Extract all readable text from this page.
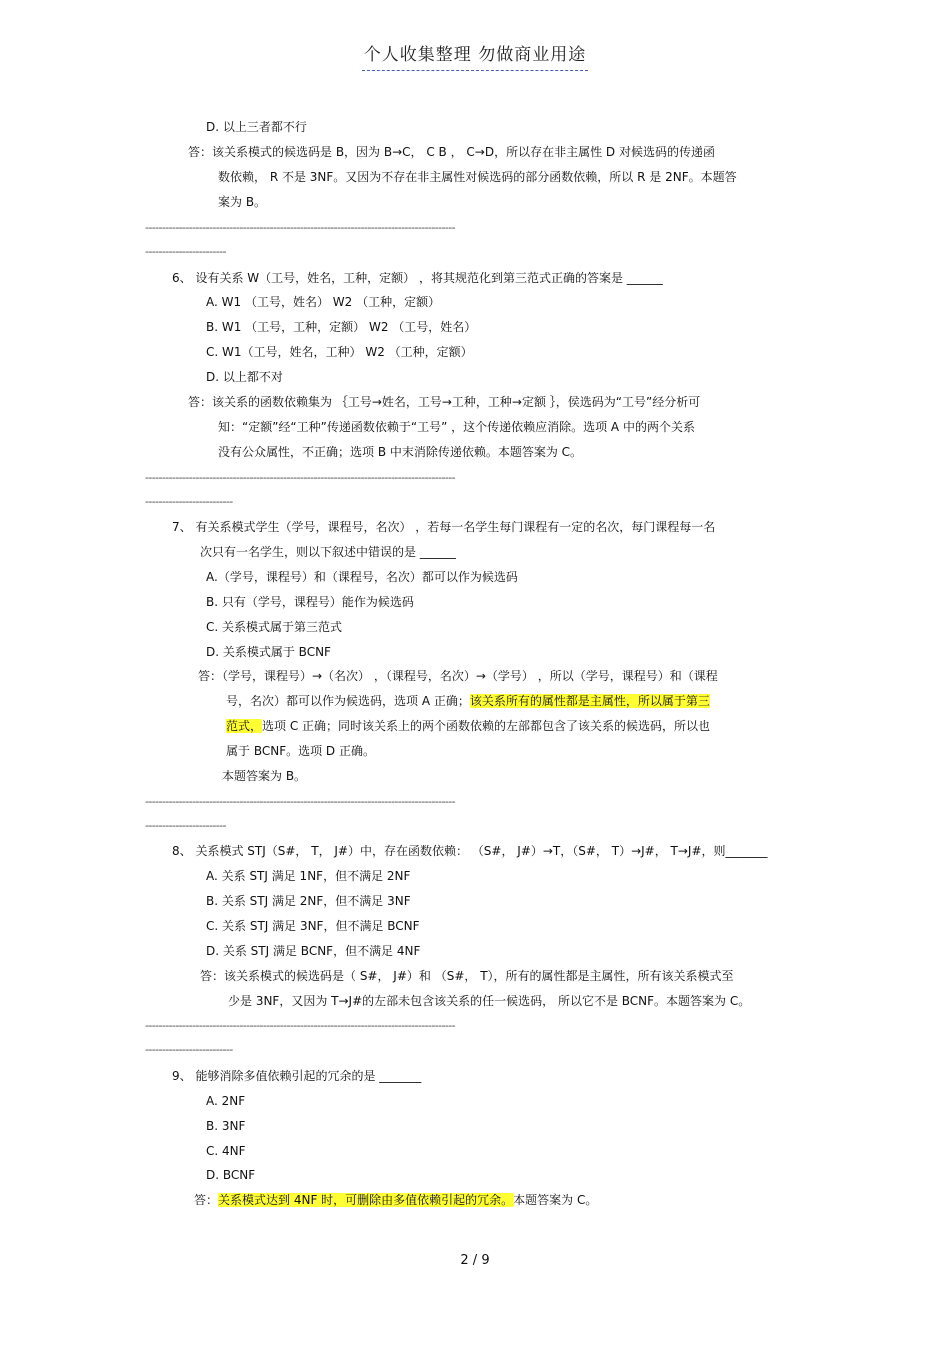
个人收集整理 勿做商业用途
D. 以上三者都不行
答：该关系模式的候选码是 B，因为 B→C， C B ， C→D，所以存在非主属性 D 对候选码的传递函
数依赖， R 不是 3NF。又因为不存在非主属性对候选码的部分函数依赖，所以 R 是 2NF。本题答
案为 B。
--------------------------------------------------------------------------------------------
------------------------
6、 设有关系 W（工号，姓名，工种，定额） ，将其规范化到第三范式正确的答案是 ______
A. W1 （工号，姓名） W2 （工种，定额）
B. W1 （工号，工种，定额） W2 （工号，姓名）
C. W1（工号，姓名，工种） W2 （工种，定额）
D. 以上都不对
答：该关系的函数依赖集为 ｛工号→姓名，工号→工种，工种→定额 ｝，侯选码为“工号”经分析可
知：“定额”经“工种”传递函数依赖于“工号” ，这个传递依赖应消除。选项 A 中的两个关系
没有公众属性，不正确；选项 B 中末消除传递依赖。本题答案为 C。
--------------------------------------------------------------------------------------------
--------------------------
7、 有关系模式学生（学号，课程号，名次） ，若每一名学生每门课程有一定的名次，每门课程每一名
次只有一名学生，则以下叙述中错误的是 ______
A.（学号，课程号）和（课程号，名次）都可以作为候选码
B. 只有（学号，课程号）能作为候选码
C. 关系模式属于第三范式
D. 关系模式属于 BCNF
答：（学号，课程号）→（名次） ，（课程号，名次）→（学号） ，所以（学号，课程号）和（课程
号，名次）都可以作为候选码，选项 A 正确；该关系所有的属性都是主属性，所以属于第三
范式，选项 C 正确；同时该关系上的两个函数依赖的左部都包含了该关系的候选码，所以也
属于 BCNF。选项 D 正确。
本题答案为 B。
--------------------------------------------------------------------------------------------
------------------------
8、 关系模式 STJ（S#， T， J#）中，存在函数依赖： （S#， J#）→T，（S#， T）→J#， T→J#，则_______
A. 关系 STJ 满足 1NF，但不满足 2NF
B. 关系 STJ 满足 2NF，但不满足 3NF
C. 关系 STJ 满足 3NF，但不满足 BCNF
D. 关系 STJ 满足 BCNF，但不满足 4NF
答：该关系模式的候选码是（ S#， J#）和 （S#， T），所有的属性都是主属性，所有该关系模式至
少是 3NF，又因为 T→J#的左部未包含该关系的任一候选码， 所以它不是 BCNF。本题答案为 C。
--------------------------------------------------------------------------------------------
--------------------------
9、 能够消除多值依赖引起的冗余的是 _______
A. 2NF
B. 3NF
C. 4NF
D. BCNF
答：关系模式达到 4NF 时，可删除由多值依赖引起的冗余。本题答案为 C。
2 / 9
